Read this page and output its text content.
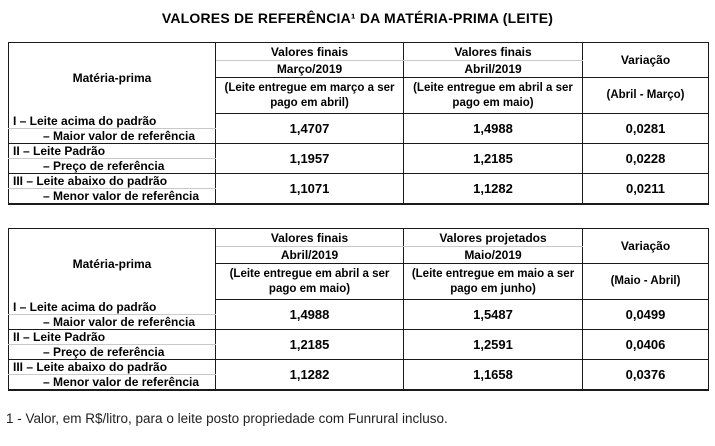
VALORES DE REFERÊNCIA¹ DA MATÉRIA-PRIMA (LEITE)
Matéria-prima	Valores finais	Valores finais	Variação
	Março/2019	Abril/2019	

(Leite entregue em março a ser
pago em abril)

(Leite entregue em abril a ser
pago em maio)
	(Abril - Março)
I – Leite acima do padrão	1,4707	1,4988	0,0281
– Maior valor de referência			
II – Leite Padrão	1,1957	1,2185	0,0228
– Preço de referência			
III – Leite abaixo do padrão	1,1071	1,1282	0,0211
– Menor valor de referência			
Matéria-prima	Valores finais	Valores projetados	Variação
	Abril/2019	Maio/2019	

(Leite entregue em abril a ser
pago em maio)

(Leite entregue em maio a ser
pago em junho)
	(Maio - Abril)
I – Leite acima do padrão	1,4988	1,5487	0,0499
– Maior valor de referência			
II – Leite Padrão	1,2185	1,2591	0,0406
– Preço de referência			
III – Leite abaixo do padrão	1,1282	1,1658	0,0376
– Menor valor de referência			

1 - Valor, em R$/litro, para o leite posto propriedade com Funrural incluso.
